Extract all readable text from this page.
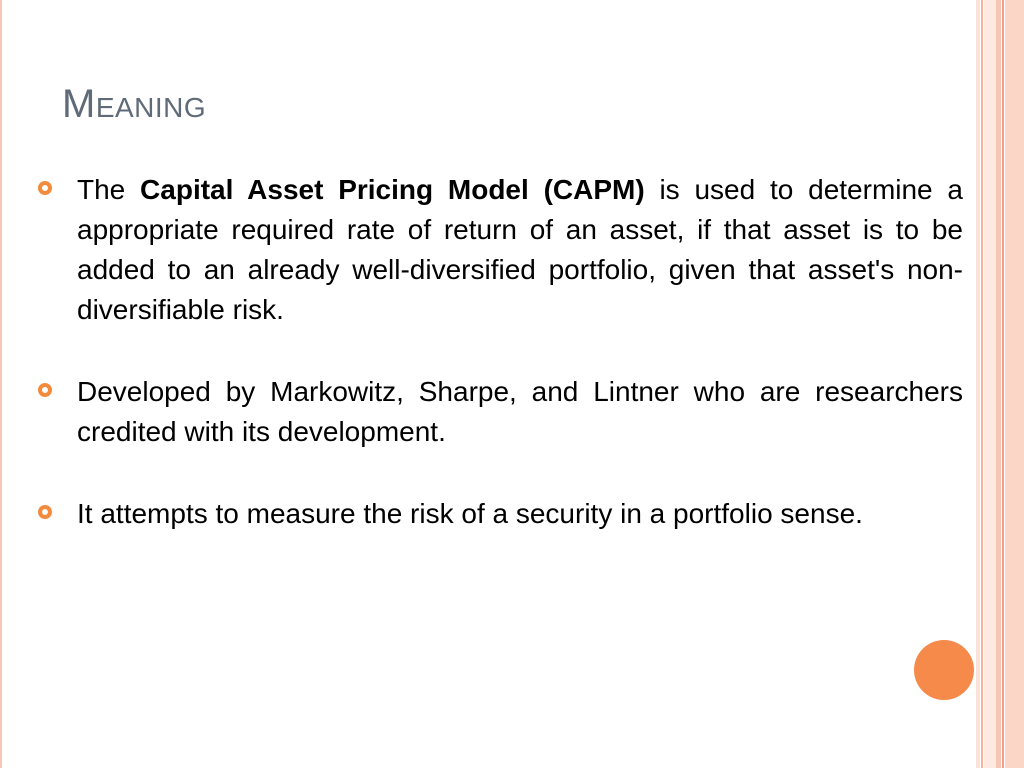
Meaning
The Capital Asset Pricing Model (CAPM) is used to determine a appropriate required rate of return of an asset, if that asset is to be added to an already well-diversified portfolio, given that asset's non-diversifiable risk.
Developed by Markowitz, Sharpe, and Lintner who are researchers credited with its development.
It attempts to measure the risk of a security in a portfolio sense.
